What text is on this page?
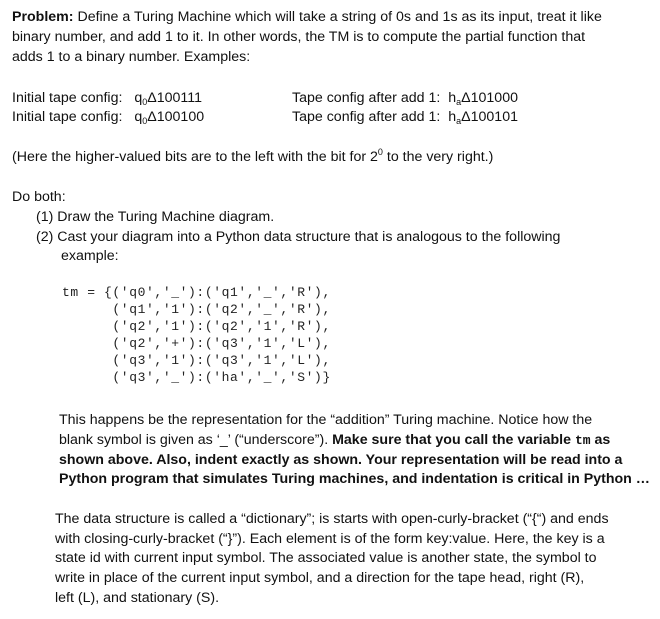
Problem: Define a Turing Machine which will take a string of 0s and 1s as its input, treat it like
binary number, and add 1 to it. In other words, the TM is to compute the partial function that
adds 1 to a binary number. Examples:
Initial tape config: $q_0\Delta 100111$	Tape config after add 1: $h_a\Delta 101000$
Initial tape config: $q_0\Delta 100100$	Tape config after add 1: $h_a\Delta 100101$
(Here the higher-valued bits are to the left with the bit for $2^0$ to the very right.)
Do both:
(1) Draw the Turing Machine diagram.
(2) Cast your diagram into a Python data structure that is analogous to the following
example:
tm = {('q0','_'):('q1','_','R'),
('q1','1'):('q2','_','R'),
('q2','1'):('q2','1','R'),
('q2','+'):('q3','1','L'),
('q3','1'):('q3','1','L'),
('q3','_'):('ha','_','S')}
This happens be the representation for the “addition” Turing machine. Notice how the
blank symbol is given as ‘_’ (“underscore”). Make sure that you call the variable tm as
shown above. Also, indent exactly as shown. Your representation will be read into a
Python program that simulates Turing machines, and indentation is critical in Python …
The data structure is called a “dictionary”; is starts with open-curly-bracket (“{“) and ends
with closing-curly-bracket (“}”). Each element is of the form key:value. Here, the key is a
state id with current input symbol. The associated value is another state, the symbol to
write in place of the current input symbol, and a direction for the tape head, right (R),
left (L), and stationary (S).
